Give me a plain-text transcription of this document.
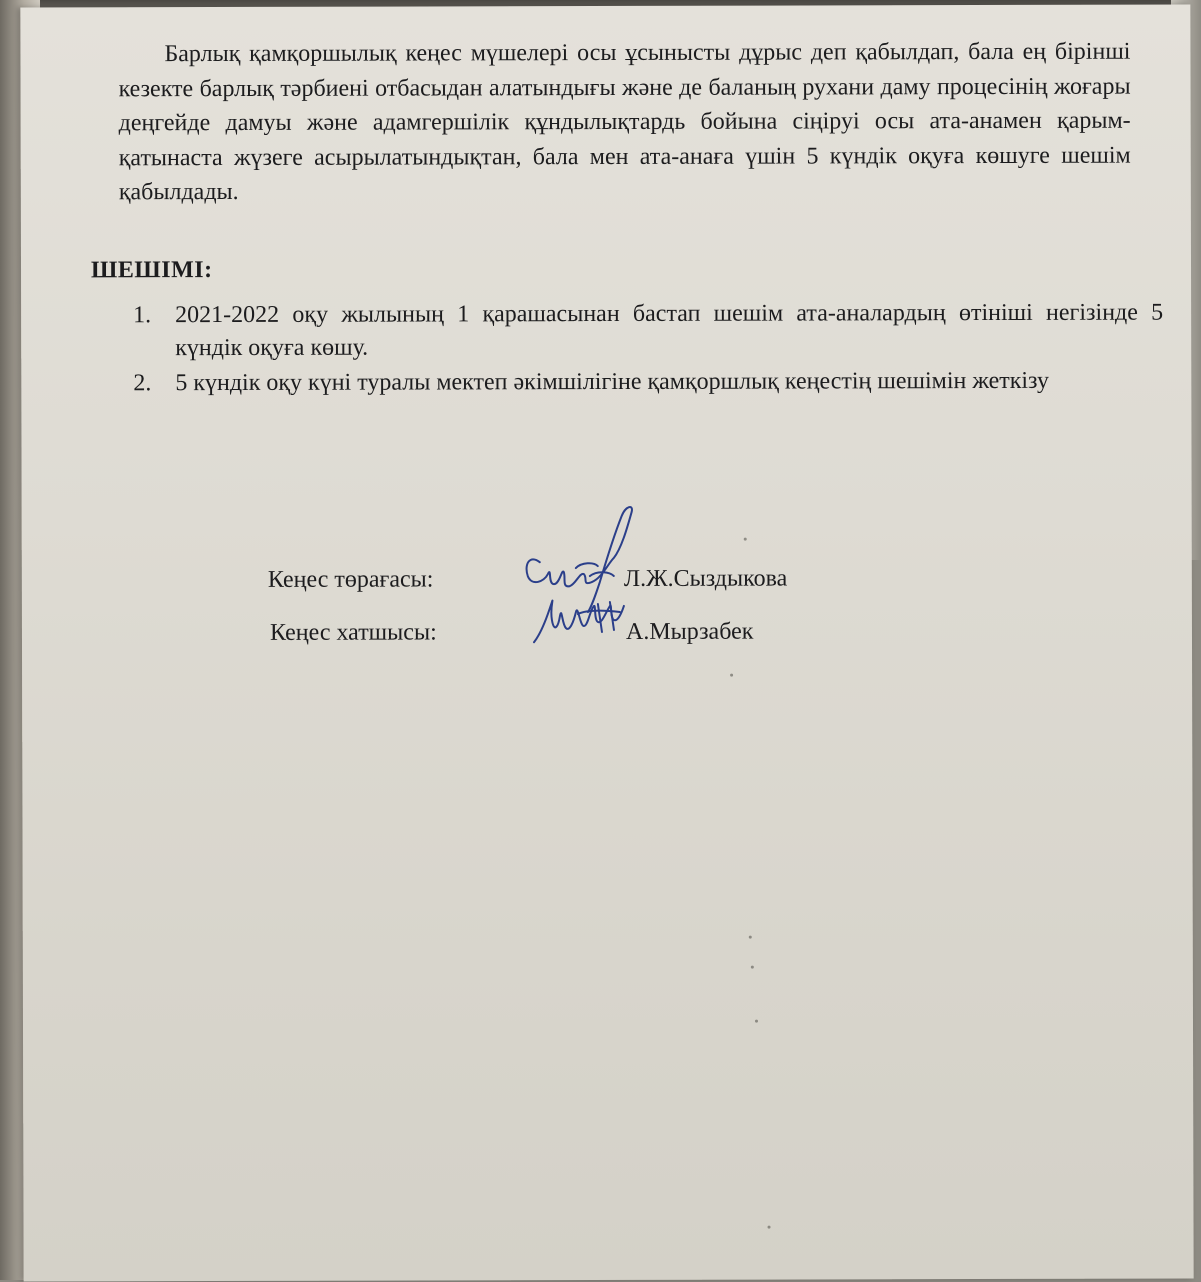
Барлық қамқоршылық кеңес мүшелері осы ұсынысты дұрыс деп қабылдап, бала ең бірінші кезекте барлық тәрбиені отбасыдан алатындығы және де баланың рухани даму процесінің жоғары деңгейде дамуы және адамгершілік құндылықтардь бойына сіңіруі осы ата-анамен қарым-қатынаста жүзеге асырылатындықтан, бала мен ата-анаға үшін 5 күндік оқуға көшуге шешім қабылдады.

ШЕШІМІ:
1. 2021-2022 оқу жылының 1 қарашасынан бастап шешім ата-аналардың өтініші негізінде 5 күндік оқуға көшу.
2. 5 күндік оқу күні туралы мектеп әкімшілігіне қамқоршлық кеңестің шешімін жеткізу
Кеңес төрағасы:	Л.Ж.Сыздыкова
Кеңес хатшысы:	А.Мырзабек
